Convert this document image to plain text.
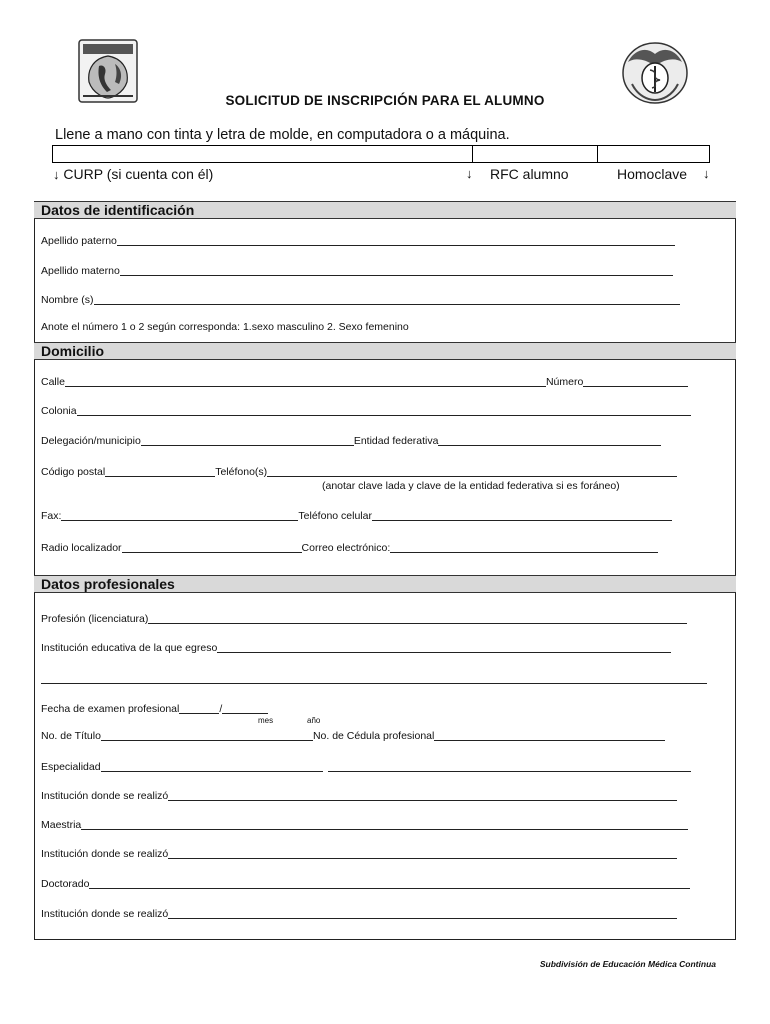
SOLICITUD DE INSCRIPCIÓN PARA EL ALUMNO
Llene a mano con tinta y letra de molde, en computadora o a máquina.
↓ CURP (si cuenta con él)	↓ RFC alumno	Homoclave ↓
Datos de identificación
Apellido paterno
Apellido materno
Nombre (s)
Anote el número 1 o 2 según corresponda: 1.sexo masculino 2. Sexo femenino
Domicilio
Calle	Número
Colonia
Delegación/municipio	Entidad federativa
Código postal	Teléfono(s)
(anotar clave lada y clave de la entidad federativa si es foráneo)
Fax:	Teléfono celular
Radio localizador	Correo electrónico:
Datos profesionales
Profesión (licenciatura)
Institución educativa de la que egreso
Fecha de examen profesional	/
mes	año
No. de Título	No. de Cédula profesional
Especialidad
Institución donde se realizó
Maestria
Institución donde se realizó
Doctorado
Institución donde se realizó
Subdivisión de Educación Médica Continua
